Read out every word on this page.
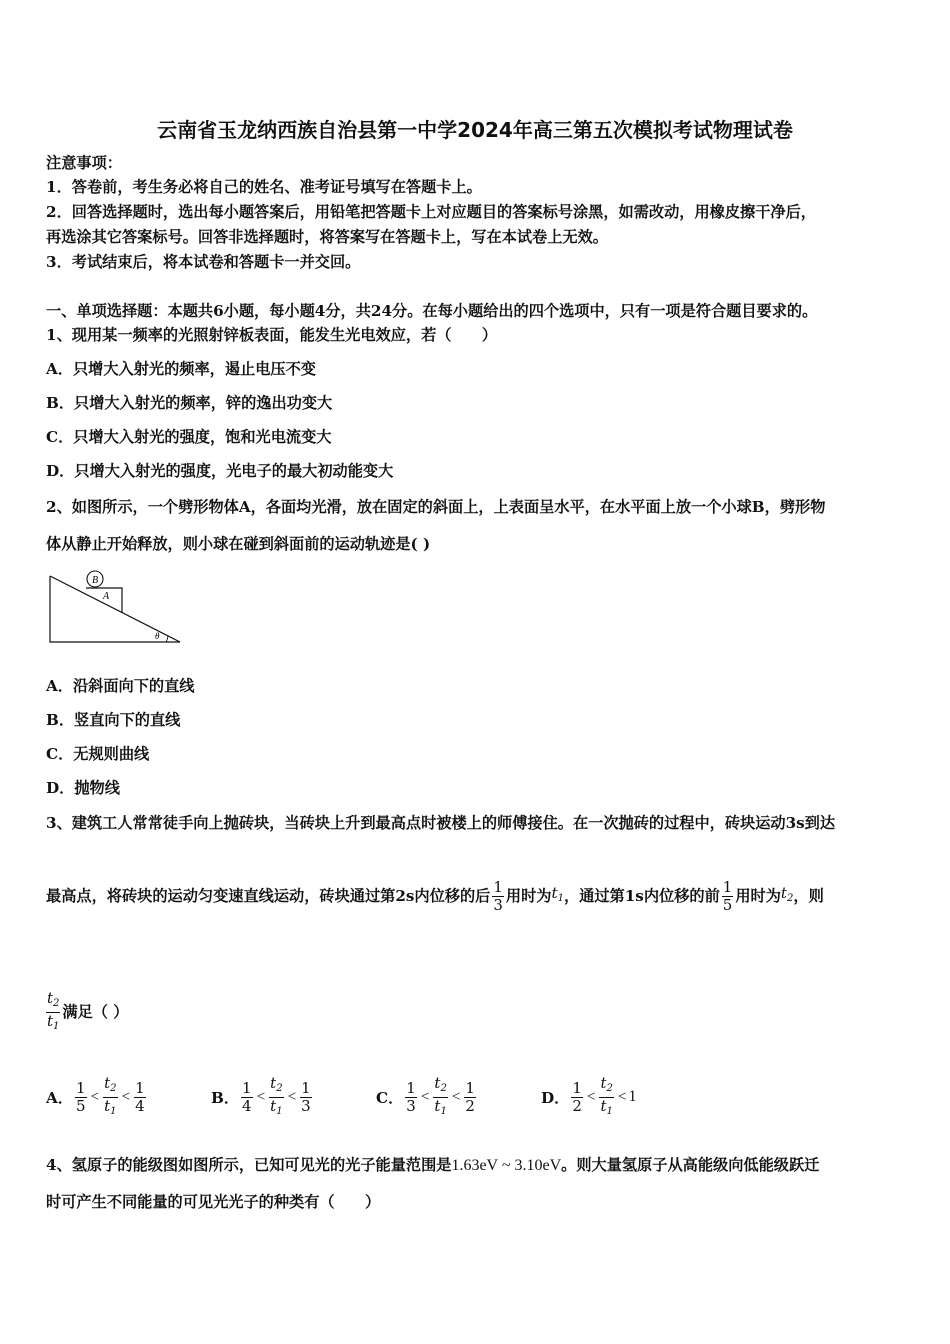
云南省玉龙纳西族自治县第一中学2024年高三第五次模拟考试物理试卷
注意事项：
1．答卷前，考生务必将自己的姓名、准考证号填写在答题卡上。
2．回答选择题时，选出每小题答案后，用铅笔把答题卡上对应题目的答案标号涂黑，如需改动，用橡皮擦干净后，
再选涂其它答案标号。回答非选择题时，将答案写在答题卡上，写在本试卷上无效。
3．考试结束后，将本试卷和答题卡一并交回。
一、单项选择题：本题共6小题，每小题4分，共24分。在每小题给出的四个选项中，只有一项是符合题目要求的。
1、现用某一频率的光照射锌板表面，能发生光电效应，若（　　）
A．只增大入射光的频率，遏止电压不变
B．只增大入射光的频率，锌的逸出功变大
C．只增大入射光的强度，饱和光电流变大
D．只增大入射光的强度，光电子的最大初动能变大
2、如图所示，一个劈形物体A，各面均光滑，放在固定的斜面上，上表面呈水平，在水平面上放一个小球B，劈形物
体从静止开始释放，则小球在碰到斜面前的运动轨迹是( )
B
A
θ
A．沿斜面向下的直线
B．竖直向下的直线
C．无规则曲线
D．抛物线
3、建筑工人常常徒手向上抛砖块，当砖块上升到最高点时被楼上的师傅接住。在一次抛砖的过程中，砖块运动3s到达
最高点，将砖块的运动匀变速直线运动，砖块通过第2s内位移的后 $\frac{1}{3}$ 用时为 $t_1$ ，通过第1s内位移的前 $\frac{1}{5}$ 用时为 $t_2$ ，则
$\frac{t_2}{t_1}$ 满足（ ）
A． $\frac{1}{5} < \frac{t_2}{t_1} < \frac{1}{4}$	B． $\frac{1}{4} < \frac{t_2}{t_1} < \frac{1}{3}$	C． $\frac{1}{3} < \frac{t_2}{t_1} < \frac{1}{2}$	D． $\frac{1}{2} < \frac{t_2}{t_1} < 1$
4、氢原子的能级图如图所示，已知可见光的光子能量范围是1.63eV ~ 3.10eV。则大量氢原子从高能级向低能级跃迁
时可产生不同能量的可见光光子的种类有（　　）
